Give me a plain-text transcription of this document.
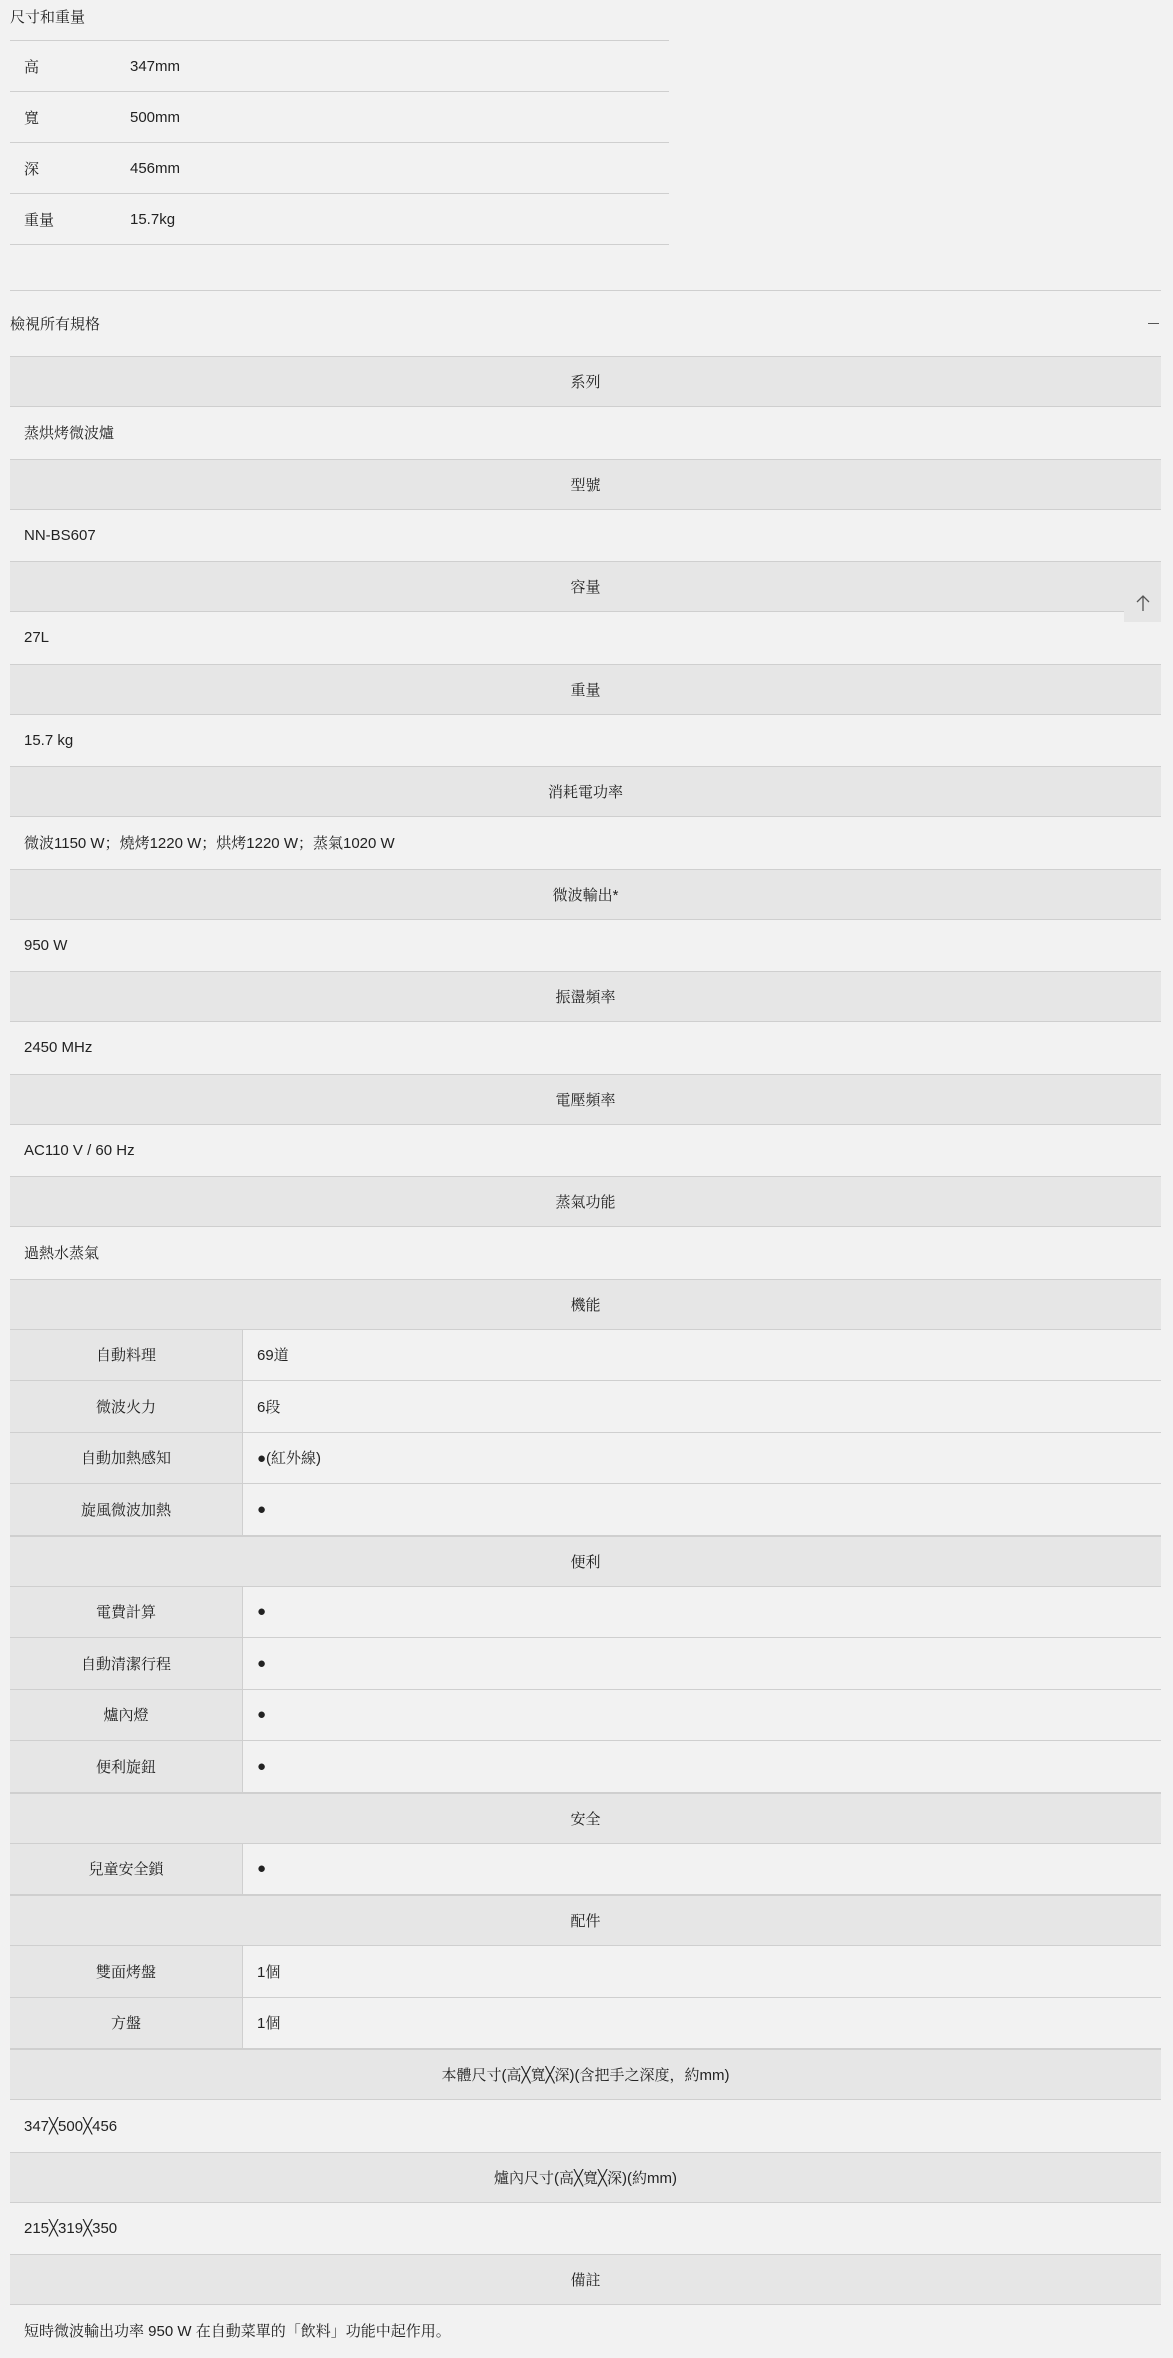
尺寸和重量
高	347mm
寬	500mm
深	456mm
重量	15.7kg
檢視所有規格
系列
蒸烘烤微波爐
型號
NN-BS607
容量
27L
重量
15.7 kg
消耗電功率
微波1150 W；燒烤1220 W；烘烤1220 W；蒸氣1020 W
微波輸出*
950 W
振盪頻率
2450 MHz
電壓頻率
AC110 V / 60 Hz
蒸氣功能
過熱水蒸氣
機能
自動料理	69道
微波火力	6段
自動加熱感知	●(紅外線)
旋風微波加熱	●
便利
電費計算	●
自動清潔行程	●
爐內燈	●
便利旋鈕	●
安全
兒童安全鎖	●
配件
雙面烤盤	1個
方盤	1個
本體尺寸(高╳寬╳深)(含把手之深度，約mm)
347╳500╳456
爐內尺寸(高╳寬╳深)(約mm)
215╳319╳350
備註
短時微波輸出功率 950 W 在自動菜單的「飲料」功能中起作用。
